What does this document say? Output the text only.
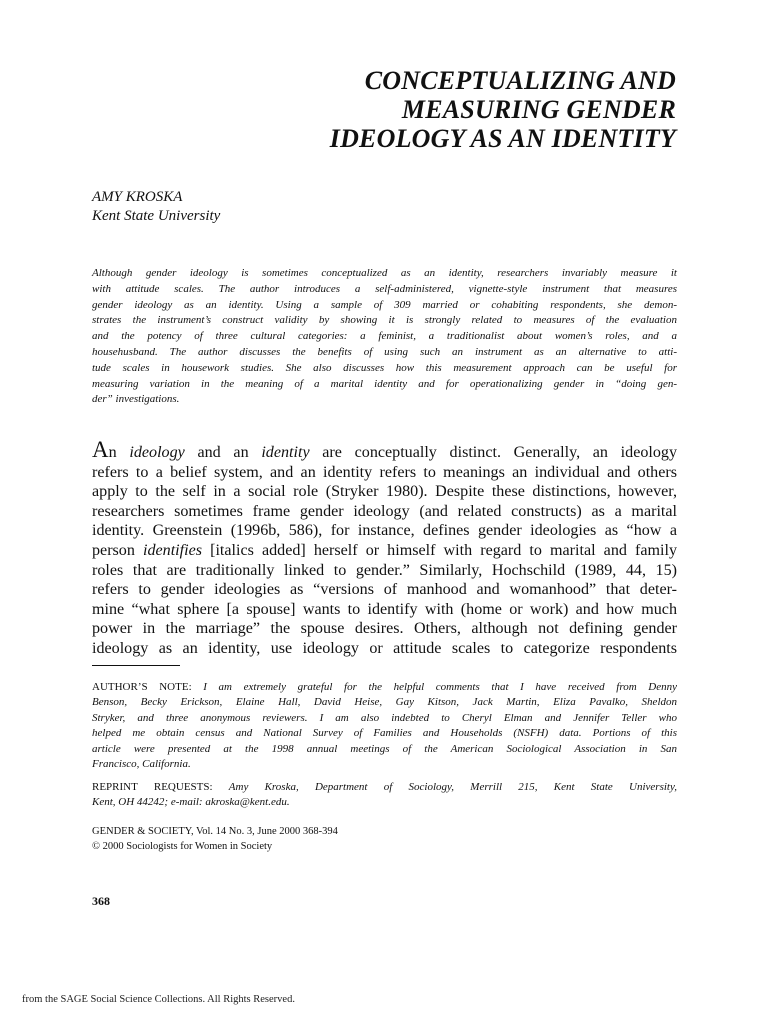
CONCEPTUALIZING AND
MEASURING GENDER
IDEOLOGY AS AN IDENTITY
AMY KROSKA
Kent State University
Although gender ideology is sometimes conceptualized as an identity, researchers invariably measure it
with attitude scales. The author introduces a self-administered, vignette-style instrument that measures
gender ideology as an identity. Using a sample of 309 married or cohabiting respondents, she demon-
strates the instrument’s construct validity by showing it is strongly related to measures of the evaluation
and the potency of three cultural categories: a feminist, a traditionalist about women’s roles, and a
househusband. The author discusses the benefits of using such an instrument as an alternative to atti-
tude scales in housework studies. She also discusses how this measurement approach can be useful for
measuring variation in the meaning of a marital identity and for operationalizing gender in “doing gen-
der” investigations.
An ideology and an identity are conceptually distinct. Generally, an ideology
refers to a belief system, and an identity refers to meanings an individual and others
apply to the self in a social role (Stryker 1980). Despite these distinctions, however,
researchers sometimes frame gender ideology (and related constructs) as a marital
identity. Greenstein (1996b, 586), for instance, defines gender ideologies as “how a
person identifies [italics added] herself or himself with regard to marital and family
roles that are traditionally linked to gender.” Similarly, Hochschild (1989, 44, 15)
refers to gender ideologies as “versions of manhood and womanhood” that deter-
mine “what sphere [a spouse] wants to identify with (home or work) and how much
power in the marriage” the spouse desires. Others, although not defining gender
ideology as an identity, use ideology or attitude scales to categorize respondents
AUTHOR’S NOTE: I am extremely grateful for the helpful comments that I have received from Denny
Benson, Becky Erickson, Elaine Hall, David Heise, Gay Kitson, Jack Martin, Eliza Pavalko, Sheldon
Stryker, and three anonymous reviewers. I am also indebted to Cheryl Elman and Jennifer Teller who
helped me obtain census and National Survey of Families and Households (NSFH) data. Portions of this
article were presented at the 1998 annual meetings of the American Sociological Association in San
Francisco, California.
REPRINT REQUESTS: Amy Kroska, Department of Sociology, Merrill 215, Kent State University,
Kent, OH 44242; e-mail: akroska@kent.edu.
GENDER & SOCIETY, Vol. 14 No. 3, June 2000 368-394
© 2000 Sociologists for Women in Society
368
from the SAGE Social Science Collections. All Rights Reserved.
